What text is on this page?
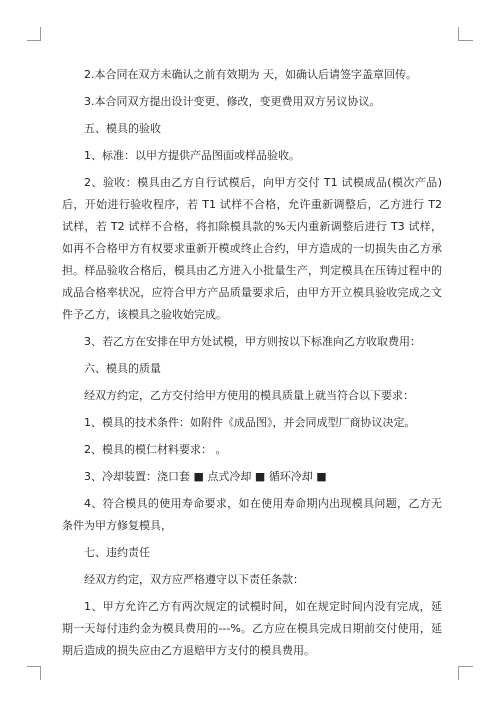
2.本合同在双方未确认之前有效期为 天，如确认后请签字盖章回传。

3.本合同双方提出设计变更、修改，变更费用双方另议协议。

五、模具的验收

1、标准：以甲方提供产品图面或样品验收。

2、验收：模具由乙方自行试模后，向甲方交付 T1 试模成品(模次产品)后，开始进行验收程序，若 T1 试样不合格，允许重新调整后，乙方进行 T2 试样，若 T2 试样不合格，将扣除模具款的%天内重新调整后进行 T3 试样，如再不合格甲方有权要求重新开模或终止合约，甲方造成的一切损失由乙方承担。样品验收合格后，模具由乙方进入小批量生产，判定模具在压铸过程中的成品合格率状况，应符合甲方产品质量要求后，由甲方开立模具验收完成之文件予乙方，该模具之验收始完成。

3、若乙方在安排在甲方处试模，甲方则按以下标准向乙方收取费用：

六、模具的质量

经双方约定，乙方交付给甲方使用的模具质量上就当符合以下要求：

1、模具的技术条件：如附件《成品图》，并会同成型厂商协议决定。

2、模具的模仁材料要求： 。

3、冷却装置：浇口套 ■ 点式冷却 ■ 循环冷却 ■

4、符合模具的使用寿命要求，如在使用寿命期内出现模具问题，乙方无条件为甲方修复模具，

七、违约责任

经双方约定，双方应严格遵守以下责任条款：

1、甲方允许乙方有两次规定的试模时间，如在规定时间内没有完成，延期一天每付违约金为模具费用的---%。乙方应在模具完成日期前交付使用，延期后造成的损失应由乙方退赔甲方支付的模具费用。
